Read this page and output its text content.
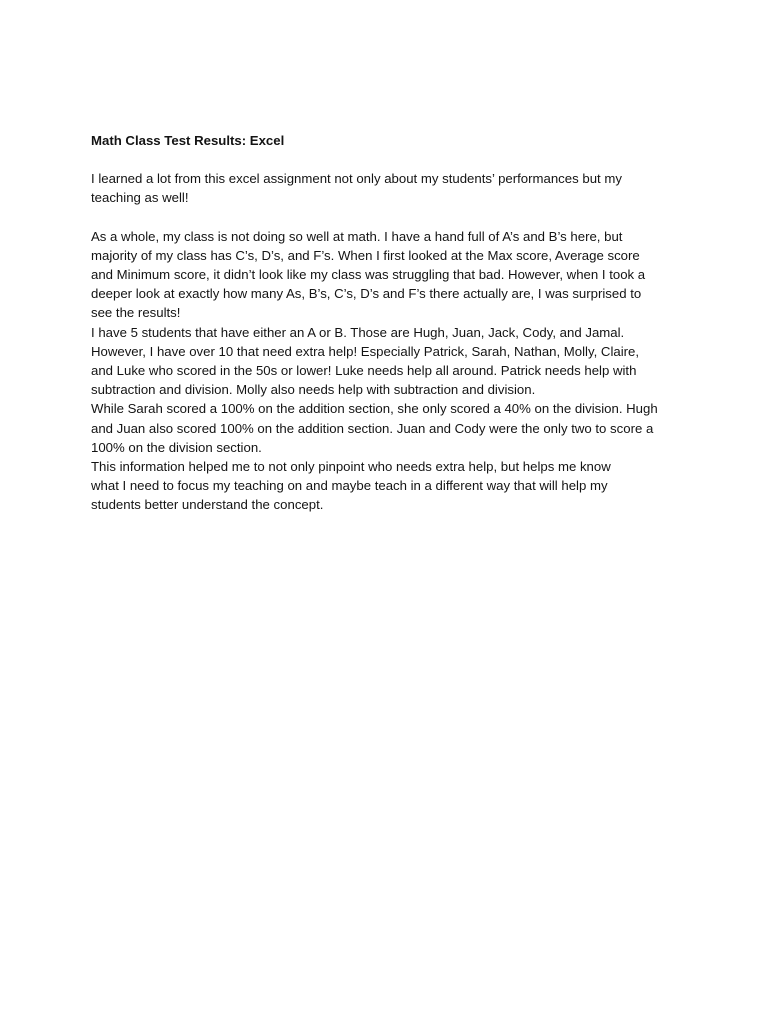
Math Class Test Results: Excel
I learned a lot from this excel assignment not only about my students’ performances but my
teaching as well!
As a whole, my class is not doing so well at math. I have a hand full of A’s and B’s here, but
majority of my class has C’s, D’s, and F’s. When I first looked at the Max score, Average score
and Minimum score, it didn’t look like my class was struggling that bad. However, when I took a
deeper look at exactly how many As, B’s, C’s, D’s and F’s there actually are, I was surprised to
see the results!
I have 5 students that have either an A or B. Those are Hugh, Juan, Jack, Cody, and Jamal.
However, I have over 10 that need extra help! Especially Patrick, Sarah, Nathan, Molly, Claire,
and Luke who scored in the 50s or lower! Luke needs help all around. Patrick needs help with
subtraction and division. Molly also needs help with subtraction and division.
While Sarah scored a 100% on the addition section, she only scored a 40% on the division. Hugh
and Juan also scored 100% on the addition section. Juan and Cody were the only two to score a
100% on the division section.
This information helped me to not only pinpoint who needs extra help, but helps me know
what I need to focus my teaching on and maybe teach in a different way that will help my
students better understand the concept.
